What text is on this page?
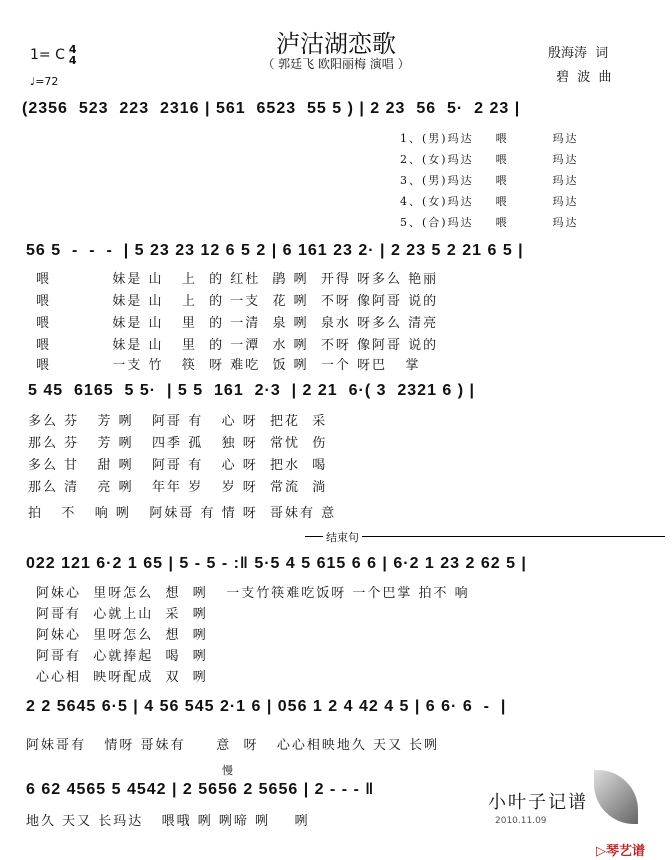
泸沽湖恋歌
（ 郭廷飞 欧阳丽梅 演唱 ）
1= C 4
4
♩=72
殷海涛  词
碧  波  曲
(2356  523  223  2316 | 561  6523  55 5 ) | 2 23  56  5·  2 23 |
1、(男)玛达    喂        玛达
2、(女)玛达    喂        玛达
3、(男)玛达    喂        玛达
4、(女)玛达    喂        玛达
5、(合)玛达    喂        玛达
56 5  -  -  -  | 5 23 23 12 6 5 2 | 6 161 23 2· | 2 23 5 2 21 6 5 |
喂          妹是 山   上  的 红杜  鹃 咧  开得 呀多么 艳丽
喂          妹是 山   上  的 一支  花 咧  不呀 像阿哥 说的
喂          妹是 山   里  的 一清  泉 咧  泉水 呀多么 清亮
喂          妹是 山   里  的 一潭  水 咧  不呀 像阿哥 说的
喂          一支 竹   筷  呀 难吃  饭 咧  一个 呀巴   掌
5 45  6165  5 5·  | 5 5  161  2·3  | 2 21  6·( 3  2321 6 ) |
多么 芬   芳 咧   阿哥 有   心 呀  把花  采
那么 芬   芳 咧   四季 孤   独 呀  常忧  伤
多么 甘   甜 咧   阿哥 有   心 呀  把水  喝
那么 清   亮 咧   年年 岁   岁 呀  常流  淌
拍   不   响 咧   阿妹哥 有 情 呀  哥妹有 意
结束句
022 121 6·2 1 65 | 5 - 5 - :‖ 5·5 4 5 615 6 6 | 6·2 1 23 2 62 5 |
阿妹心  里呀怎么  想  咧   一支竹筷难吃饭呀 一个巴掌 拍不 响
阿哥有  心就上山  采  咧
阿妹心  里呀怎么  想  咧
阿哥有  心就捧起  喝  咧
心心相  映呀配成  双  咧
2 2 5645 6·5 | 4 56 545 2·1 6 | 056 1 2 4 42 4 5 | 6 6· 6  -  |
阿妹哥有   情呀 哥妹有     意  呀   心心相映地久 天又 长咧
慢
6 62 4565 5 4542 | 2 5656 2 5656 | 2 - - - ‖
地久 天又 长玛达   喂哦 咧 咧啼 咧    咧
小叶子记谱
2010.11.09
▷琴艺谱
